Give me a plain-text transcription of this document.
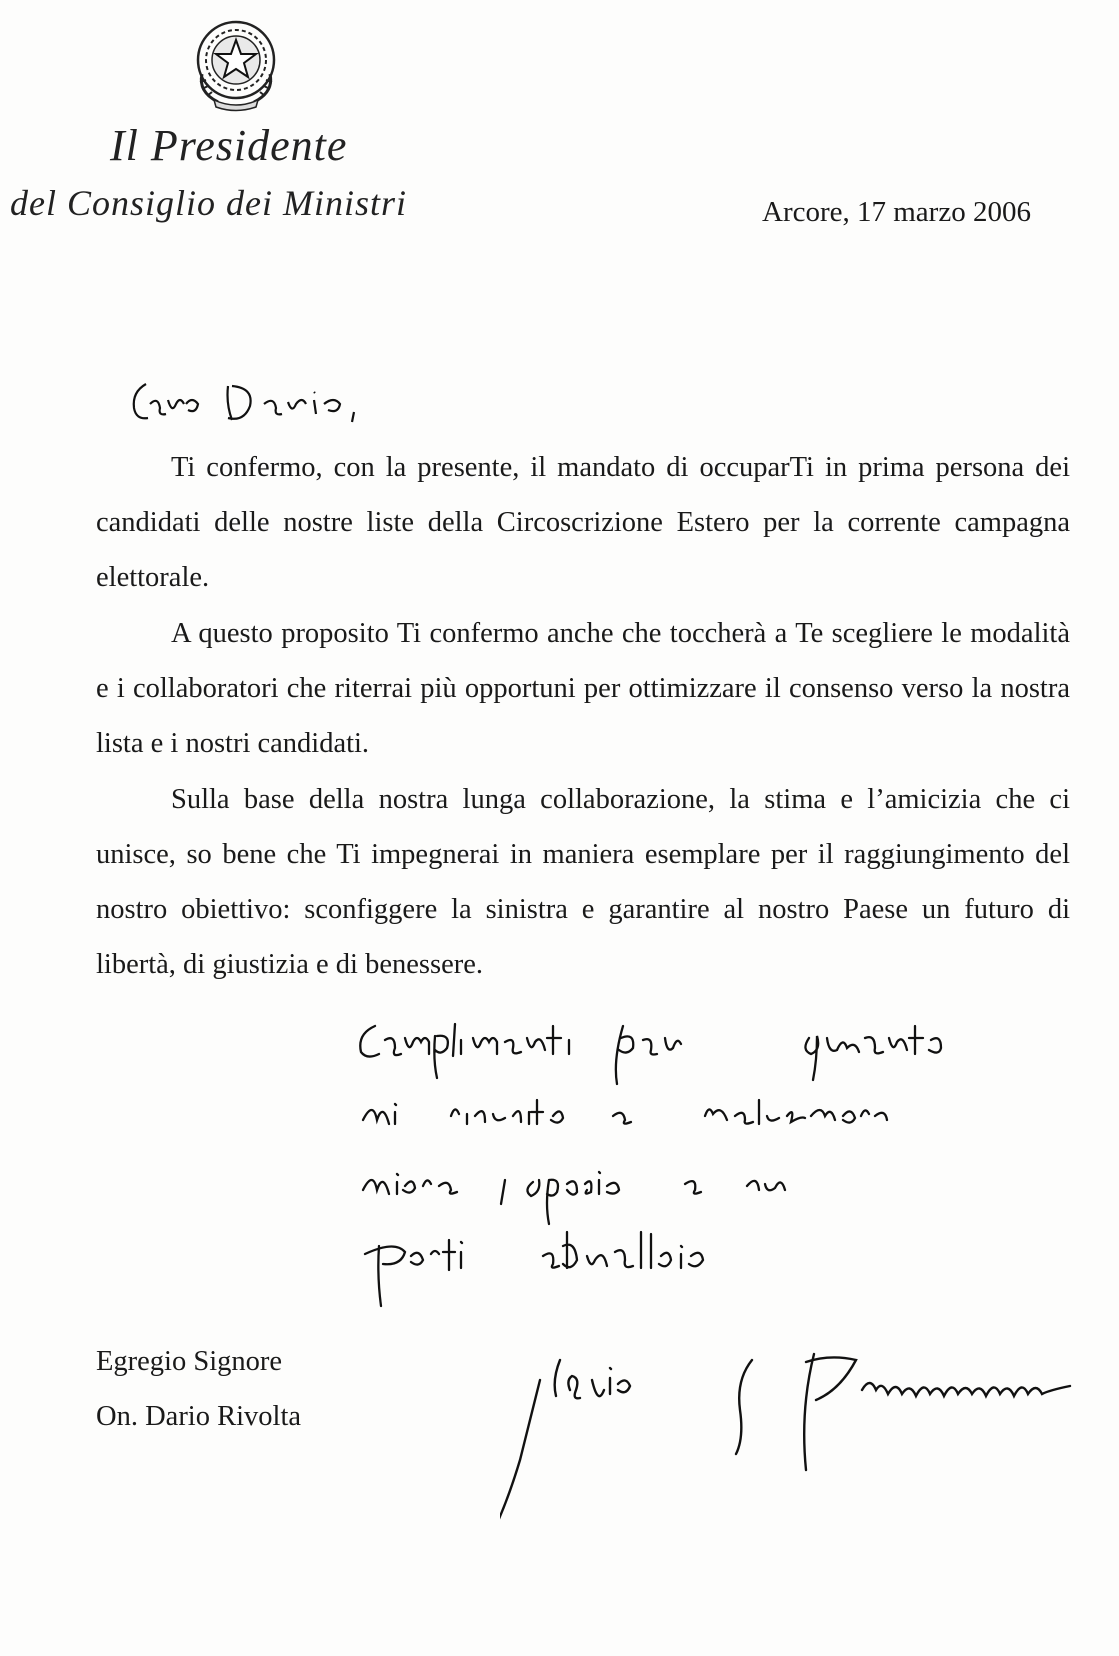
Il Presidente
del Consiglio dei Ministri	Arcore, 17 marzo 2006

Ti confermo, con la presente, il mandato di occuparTi in prima persona dei candidati delle nostre liste della Circoscrizione Estero per la corrente campagna elettorale.

A questo proposito Ti confermo anche che toccherà a Te scegliere le modalità e i collaboratori che riterrai più opportuni per ottimizzare il consenso verso la nostra lista e i nostri candidati.

Sulla base della nostra lunga collaborazione, la stima e l’amicizia che ci unisce, so bene che Ti impegnerai in maniera esemplare per il raggiungimento del nostro obiettivo: sconfiggere la sinistra e garantire al nostro Paese un futuro di libertà, di giustizia e di benessere.

Egregio Signore
On. Dario Rivolta
